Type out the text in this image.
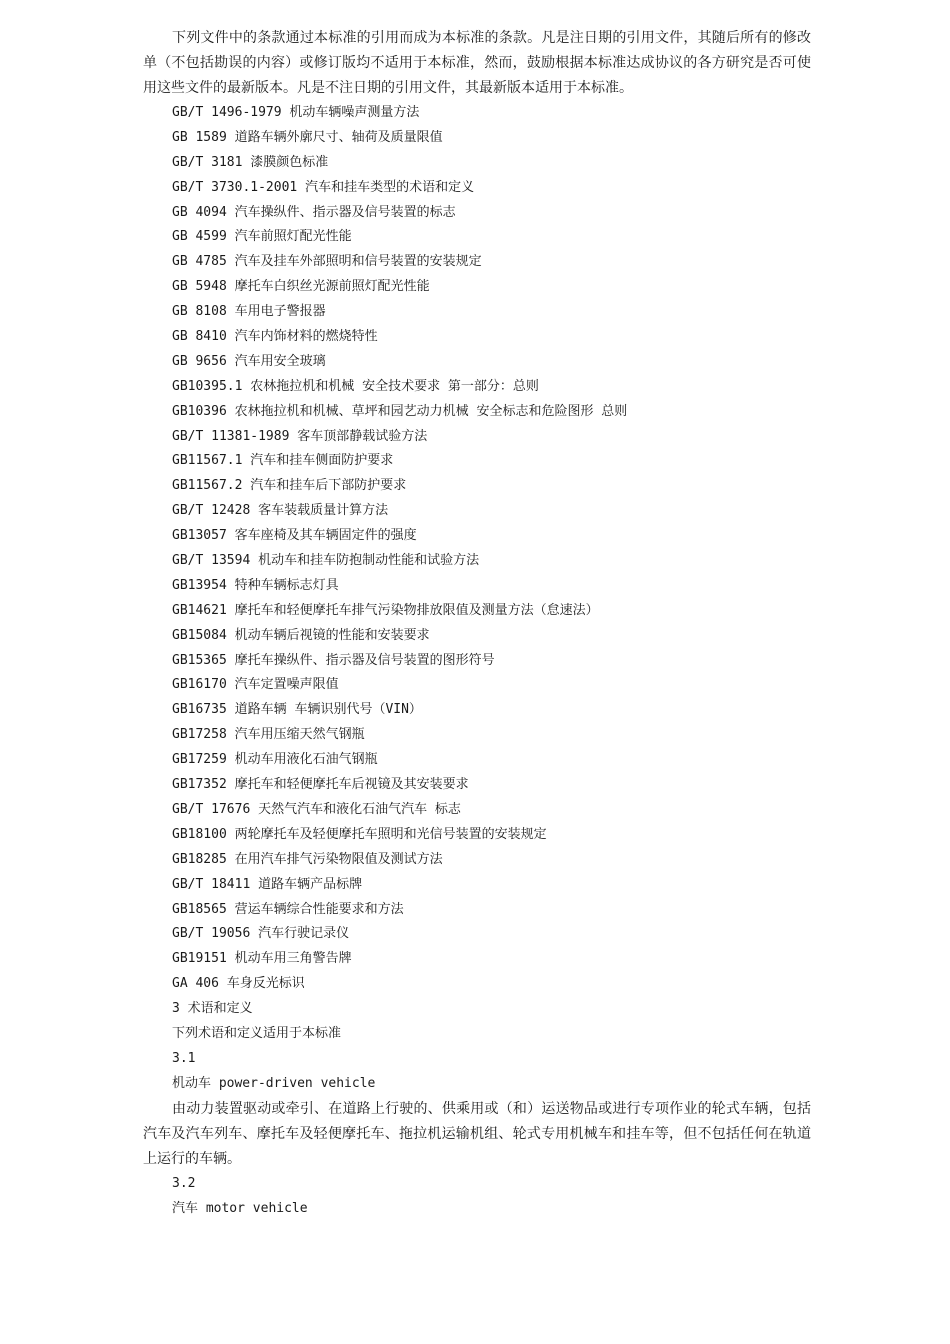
下列文件中的条款通过本标准的引用而成为本标准的条款。凡是注日期的引用文件，其随后所有的修改单（不包括勘误的内容）或修订版均不适用于本标准，然而，鼓励根据本标准达成协议的各方研究是否可使用这些文件的最新版本。凡是不注日期的引用文件，其最新版本适用于本标准。

GB/T 1496-1979 机动车辆噪声测量方法
GB 1589 道路车辆外廓尺寸、轴荷及质量限值
GB/T 3181 漆膜颜色标准
GB/T 3730.1-2001 汽车和挂车类型的术语和定义
GB 4094 汽车操纵件、指示器及信号装置的标志
GB 4599 汽车前照灯配光性能
GB 4785 汽车及挂车外部照明和信号装置的安装规定
GB 5948 摩托车白织丝光源前照灯配光性能
GB 8108 车用电子警报器
GB 8410 汽车内饰材料的燃烧特性
GB 9656 汽车用安全玻璃
GB10395.1 农林拖拉机和机械 安全技术要求 第一部分：总则
GB10396 农林拖拉机和机械、草坪和园艺动力机械 安全标志和危险图形 总则
GB/T 11381-1989 客车顶部静载试验方法
GB11567.1 汽车和挂车侧面防护要求
GB11567.2 汽车和挂车后下部防护要求
GB/T 12428 客车装载质量计算方法
GB13057 客车座椅及其车辆固定件的强度
GB/T 13594 机动车和挂车防抱制动性能和试验方法
GB13954 特种车辆标志灯具
GB14621 摩托车和轻便摩托车排气污染物排放限值及测量方法（怠速法）
GB15084 机动车辆后视镜的性能和安装要求
GB15365 摩托车操纵件、指示器及信号装置的图形符号
GB16170 汽车定置噪声限值
GB16735 道路车辆 车辆识别代号（VIN）
GB17258 汽车用压缩天然气钢瓶
GB17259 机动车用液化石油气钢瓶
GB17352 摩托车和轻便摩托车后视镜及其安装要求
GB/T 17676 天然气汽车和液化石油气汽车 标志
GB18100 两轮摩托车及轻便摩托车照明和光信号装置的安装规定
GB18285 在用汽车排气污染物限值及测试方法
GB/T 18411 道路车辆产品标牌
GB18565 营运车辆综合性能要求和方法
GB/T 19056 汽车行驶记录仪
GB19151 机动车用三角警告牌
GA 406 车身反光标识
3 术语和定义
下列术语和定义适用于本标准
3.1
机动车 power-driven vehicle

由动力装置驱动或牵引、在道路上行驶的、供乘用或（和）运送物品或进行专项作业的轮式车辆，包括汽车及汽车列车、摩托车及轻便摩托车、拖拉机运输机组、轮式专用机械车和挂车等，但不包括任何在轨道上运行的车辆。

3.2
汽车 motor vehicle
